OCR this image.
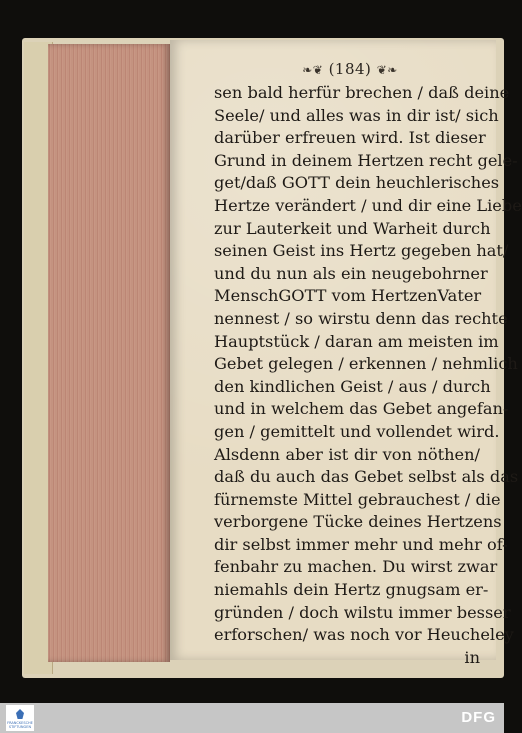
❧❦ (184) ❦❧
sen bald herfür brechen / daß deine
Seele/ und alles was in dir ist/ sich
darüber erfreuen wird. Ist dieser
Grund in deinem Hertzen recht gele-
get/daß GOTT dein heuchlerisches
Hertze verändert / und dir eine Liebe
zur Lauterkeit und Warheit durch
seinen Geist ins Hertz gegeben hat/
und du nun als ein neugebohrner
MenschGOTT vom HertzenVater
nennest / so wirstu denn das rechte
Hauptstück / daran am meisten im
Gebet gelegen / erkennen / nehmlich
den kindlichen Geist / aus / durch
und in welchem das Gebet angefan-
gen / gemittelt und vollendet wird.
Alsdenn aber ist dir von nöthen/
daß du auch das Gebet selbst als das
fürnemste Mittel gebrauchest / die
verborgene Tücke deines Hertzens
dir selbst immer mehr und mehr of-
fenbahr zu machen. Du wirst zwar
niemahls dein Hertz gnugsam er-
gründen / doch wilstu immer besser
erforschen/ was noch vor Heucheley
in
FRANCKESCHE STIFTUNGEN
DFG
